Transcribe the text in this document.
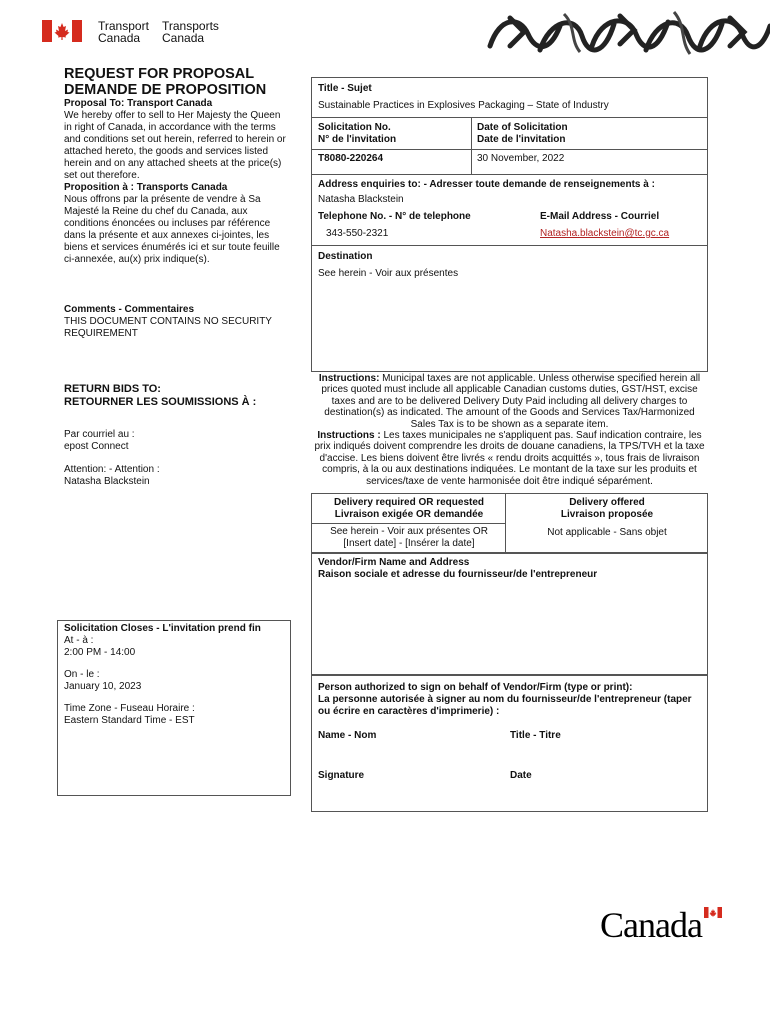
Transport
Canada
Transports
Canada
REQUEST FOR PROPOSAL
DEMANDE DE PROPOSITION

Proposal To: Transport Canada

We hereby offer to sell to Her Majesty the Queen in right of Canada, in accordance with the terms and conditions set out herein, referred to herein or attached hereto, the goods and services listed herein and on any attached sheets at the price(s) set out therefore.

Proposition à : Transports Canada

Nous offrons par la présente de vendre à Sa Majesté la Reine du chef du Canada, aux conditions énoncées ou incluses par référence dans la présente et aux annexes ci-jointes, les biens et services énumérés ici et sur toute feuille ci-annexée, au(x) prix indique(s).

Comments - Commentaires
THIS DOCUMENT CONTAINS NO SECURITY REQUIREMENT
RETURN BIDS TO:
RETOURNER LES SOUMISSIONS À :
Par courriel au :
epost Connect
Attention: - Attention :
Natasha Blackstein
Solicitation Closes - L'invitation prend fin
At - à :
2:00 PM - 14:00
On - le :
January 10, 2023
Time Zone - Fuseau Horaire :
Eastern Standard Time - EST
Title - Sujet
Sustainable Practices in Explosives Packaging – State of Industry
Solicitation No.
N° de l'invitation
T8080-220264
Date of Solicitation
Date de l'invitation
30 November, 2022
Address enquiries to: - Adresser toute demande de renseignements à :
Natasha Blackstein
Telephone No. - N° de telephone
343-550-2321
E-Mail Address - Courriel
Natasha.blackstein@tc.gc.ca
Destination
See herein - Voir aux présentes
Instructions: Municipal taxes are not applicable. Unless otherwise specified herein all prices quoted must include all applicable Canadian customs duties, GST/HST, excise taxes and are to be delivered Delivery Duty Paid including all delivery charges to destination(s) as indicated. The amount of the Goods and Services Tax/Harmonized Sales Tax is to be shown as a separate item.
Instructions : Les taxes municipales ne s'appliquent pas. Sauf indication contraire, les prix indiqués doivent comprendre les droits de douane canadiens, la TPS/TVH et la taxe d'accise. Les biens doivent être livrés « rendu droits acquittés », tous frais de livraison compris, à la ou aux destinations indiquées. Le montant de la taxe sur les produits et services/taxe de vente harmonisée doit être indiqué séparément.
Delivery required OR requested
Livraison exigée OR demandée
See herein - Voir aux présentes OR
[Insert date] - [Insérer la date]
Delivery offered
Livraison proposée
Not applicable - Sans objet
Vendor/Firm Name and Address
Raison sociale et adresse du fournisseur/de l'entrepreneur
Person authorized to sign on behalf of Vendor/Firm (type or print):
La personne autorisée à signer au nom du fournisseur/de l'entrepreneur (taper ou écrire en caractères d'imprimerie) :
Name - Nom	Title - Titre
Signature	Date
Canada
